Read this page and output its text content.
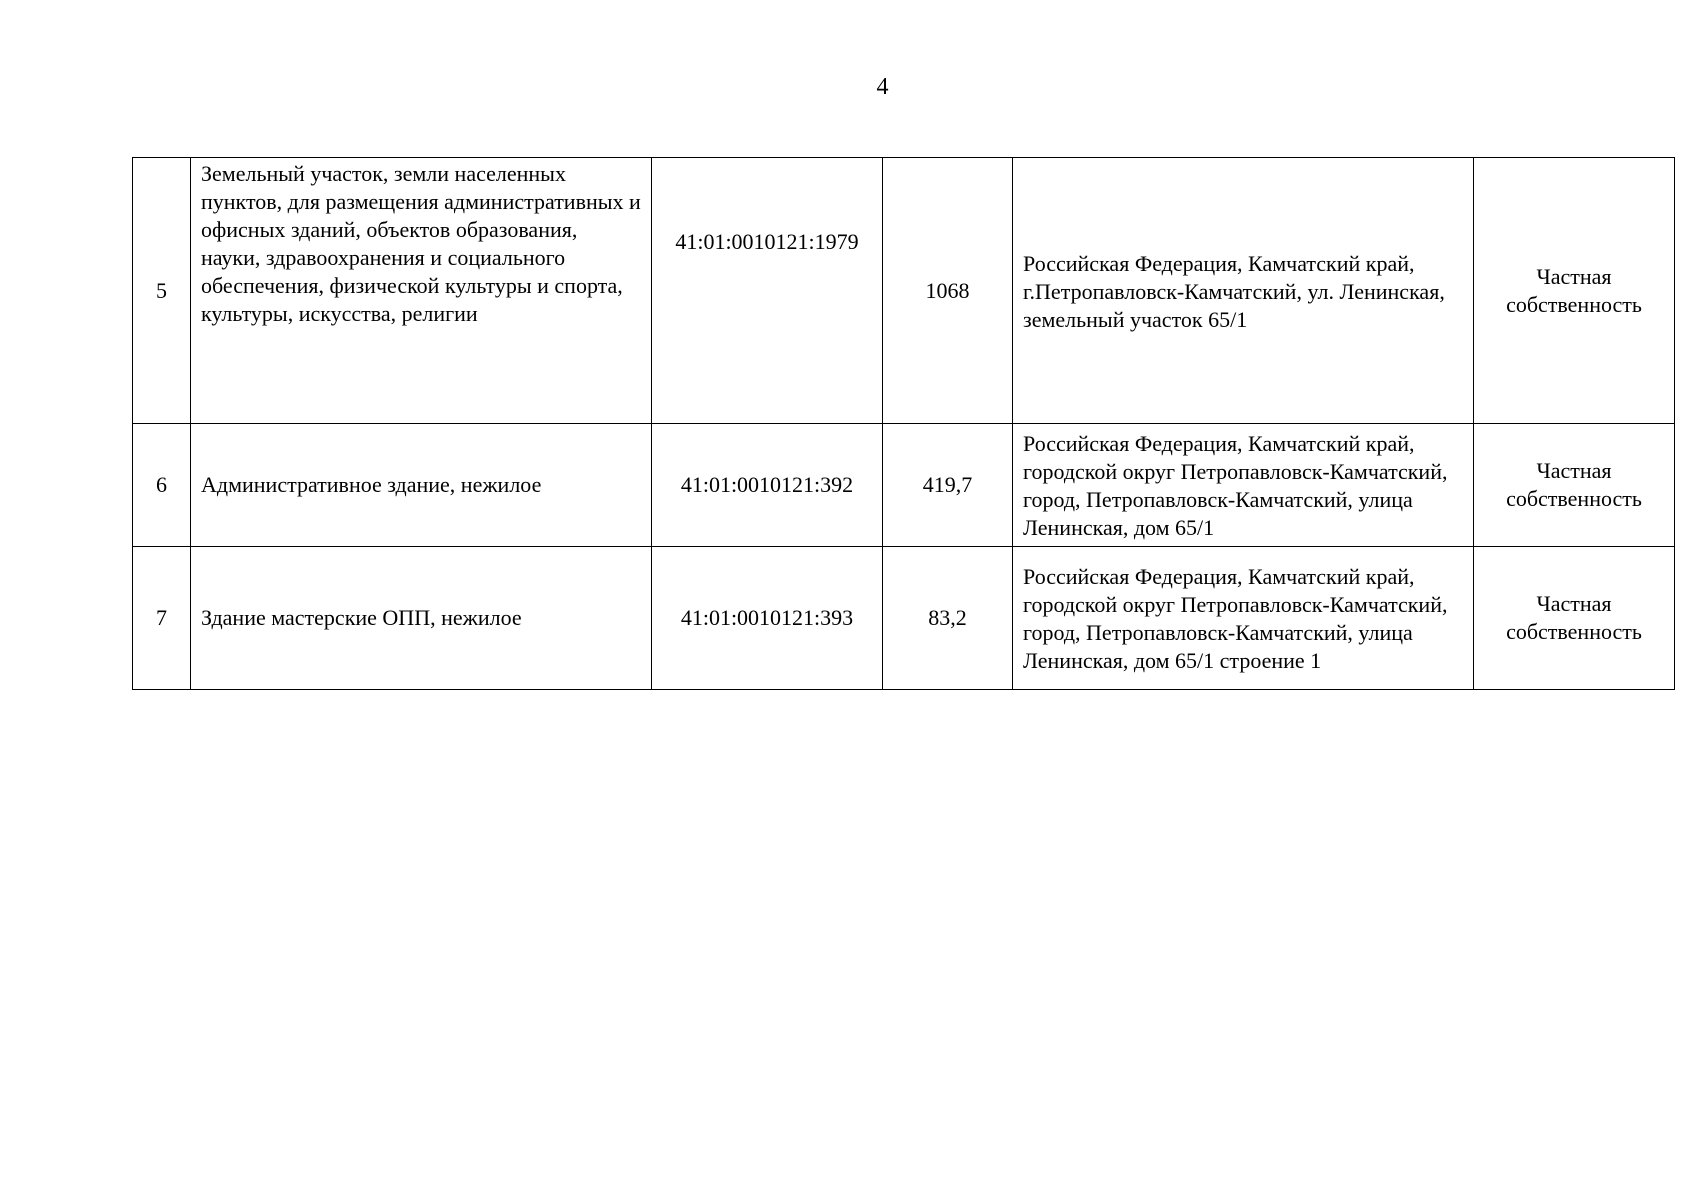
4
5	Земельный участок, земли населенных пунктов, для размещения административных и офисных зданий, объектов образования, науки, здравоохранения и социального обеспечения, физической культуры и спорта, культуры, искусства, религии	41:01:0010121:1979	1068	Российская Федерация, Камчатский край, г.Петропавловск-Камчатский, ул. Ленинская, земельный участок 65/1	Частная собственность
6	Административное здание, нежилое	41:01:0010121:392	419,7	Российская Федерация, Камчатский край, городской округ Петропавловск-Камчатский, город, Петропавловск-Камчатский, улица Ленинская, дом 65/1	Частная собственность
7	Здание мастерские ОПП, нежилое	41:01:0010121:393	83,2	Российская Федерация, Камчатский край, городской округ Петропавловск-Камчатский, город, Петропавловск-Камчатский, улица Ленинская, дом 65/1 строение 1	Частная собственность
